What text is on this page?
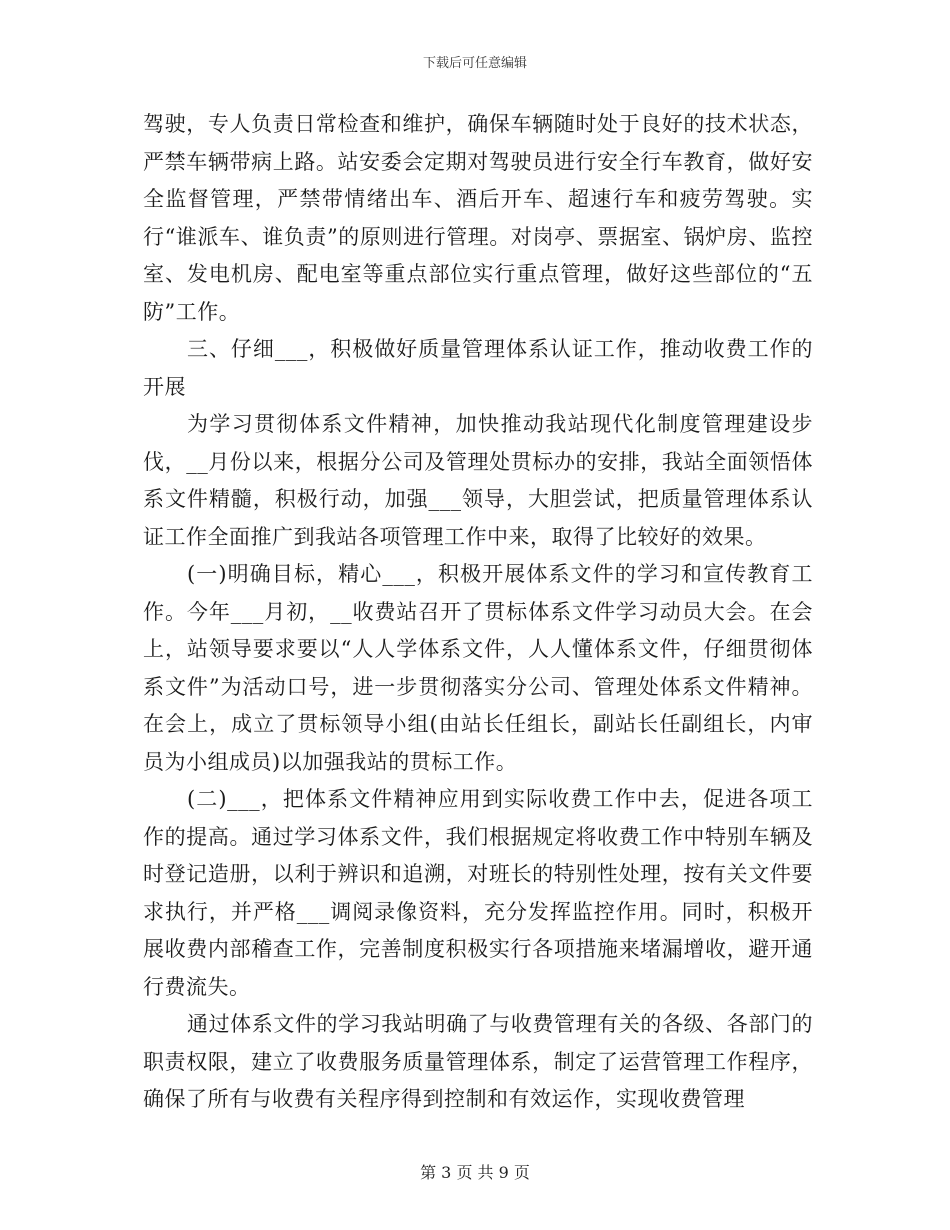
下载后可任意编辑

驾驶，专人负责日常检查和维护，确保车辆随时处于良好的技术状态，严禁车辆带病上路。站安委会定期对驾驶员进行安全行车教育，做好安全监督管理，严禁带情绪出车、酒后开车、超速行车和疲劳驾驶。实行“谁派车、谁负责”的原则进行管理。对岗亭、票据室、锅炉房、监控室、发电机房、配电室等重点部位实行重点管理，做好这些部位的“五防”工作。

三、仔细___，积极做好质量管理体系认证工作，推动收费工作的开展

为学习贯彻体系文件精神，加快推动我站现代化制度管理建设步伐，__月份以来，根据分公司及管理处贯标办的安排，我站全面领悟体系文件精髓，积极行动，加强___领导，大胆尝试，把质量管理体系认证工作全面推广到我站各项管理工作中来，取得了比较好的效果。

(一)明确目标，精心___，积极开展体系文件的学习和宣传教育工作。今年___月初，__收费站召开了贯标体系文件学习动员大会。在会上，站领导要求要以“人人学体系文件，人人懂体系文件，仔细贯彻体系文件”为活动口号，进一步贯彻落实分公司、管理处体系文件精神。在会上，成立了贯标领导小组(由站长任组长，副站长任副组长，内审员为小组成员)以加强我站的贯标工作。

(二)___，把体系文件精神应用到实际收费工作中去，促进各项工作的提高。通过学习体系文件，我们根据规定将收费工作中特别车辆及时登记造册，以利于辨识和追溯，对班长的特别性处理，按有关文件要求执行，并严格___调阅录像资料，充分发挥监控作用。同时，积极开展收费内部稽查工作，完善制度积极实行各项措施来堵漏增收，避开通行费流失。

通过体系文件的学习我站明确了与收费管理有关的各级、各部门的职责权限，建立了收费服务质量管理体系，制定了运营管理工作程序，确保了所有与收费有关程序得到控制和有效运作，实现收费管理

第 3 页 共 9 页
